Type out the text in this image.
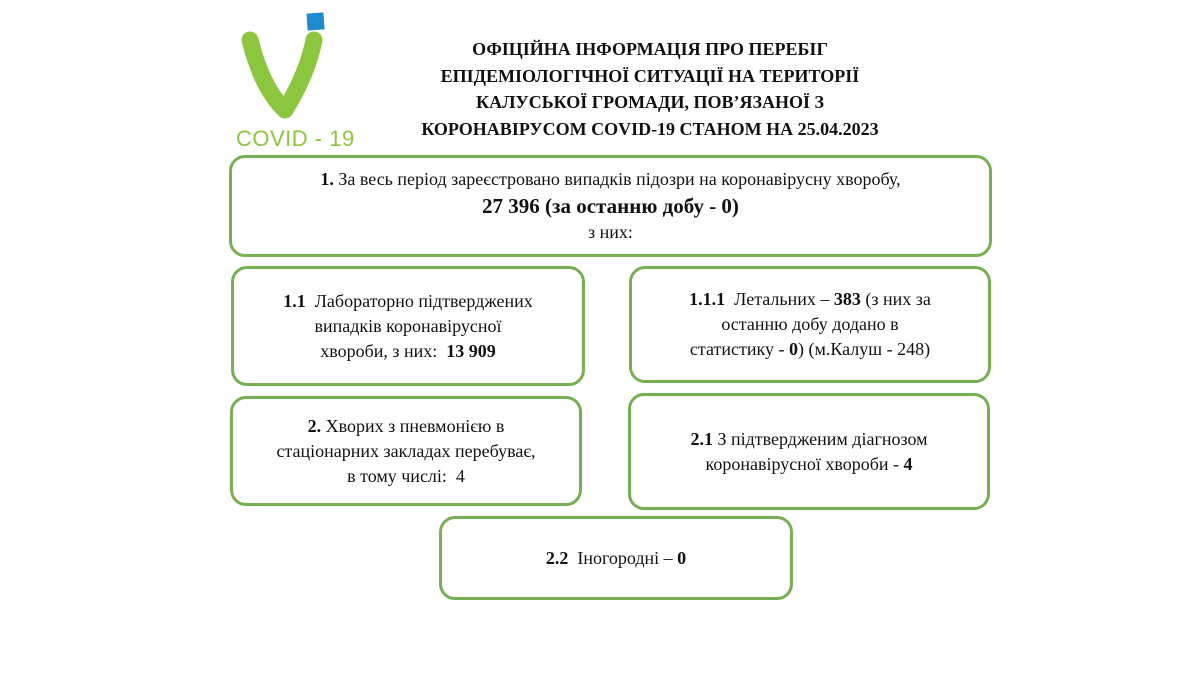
COVID - 19
ОФІЦІЙНА ІНФОРМАЦІЯ ПРО ПЕРЕБІГ
ЕПІДЕМІОЛОГІЧНОЇ СИТУАЦІЇ НА ТЕРИТОРІЇ
КАЛУСЬКОЇ ГРОМАДИ, ПОВ’ЯЗАНОЇ З
КОРОНАВІРУСОМ COVID-19 СТАНОМ НА 25.04.2023

1. За весь період зареєстровано випадків підозри на коронавірусну хворобу,

27 396 (за останню добу - 0)

з них:

1.1  Лабораторно підтверджених

випадків коронавірусної

хвороби, з них:  13 909

1.1.1  Летальних – 383 (з них за

останню добу додано в

статистику - 0) (м.Калуш - 248)

2. Хворих з пневмонією в

стаціонарних закладах перебуває,

в тому числі:  4

2.1 З підтвердженим діагнозом

коронавірусної хвороби - 4

2.2  Іногородні – 0
